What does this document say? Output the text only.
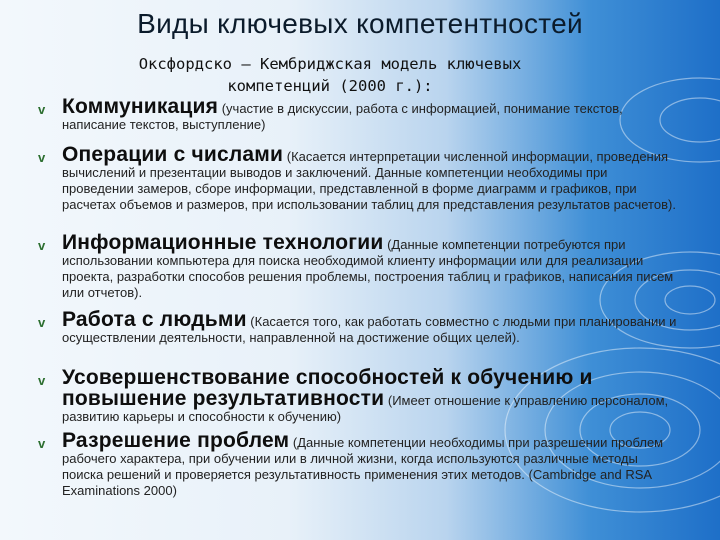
Виды ключевых компетентностей
Оксфордско – Кембриджская модель ключевых компетенций (2000 г.):
v Коммуникация (участие в дискуссии, работа с информацией, понимание текстов, написание текстов, выступление)
v Операции с числами (Касается интерпретации численной информации, проведения вычислений и презентации выводов и заключений. Данные компетенции необходимы при проведении замеров, сборе информации, представленной в форме диаграмм и графиков, при расчетах объемов и размеров, при использовании таблиц для представления результатов расчетов).
v Информационные технологии (Данные компетенции потребуются при использовании компьютера для поиска необходимой клиенту информации или для реализации проекта, разработки способов решения проблемы, построения таблиц и графиков, написания писем или отчетов).
v Работа с людьми (Касается того, как работать совместно с людьми при планировании и осуществлении деятельности, направленной на достижение общих целей).
v Усовершенствование способностей к обучению и повышение результативности (Имеет отношение к управлению персоналом, развитию карьеры и способности к обучению)
v Разрешение проблем (Данные компетенции необходимы при разрешении проблем рабочего характера, при обучении или в личной жизни, когда используются различные методы поиска решений и проверяется результативность применения этих методов. (Cambridge and RSA Examinations 2000)
